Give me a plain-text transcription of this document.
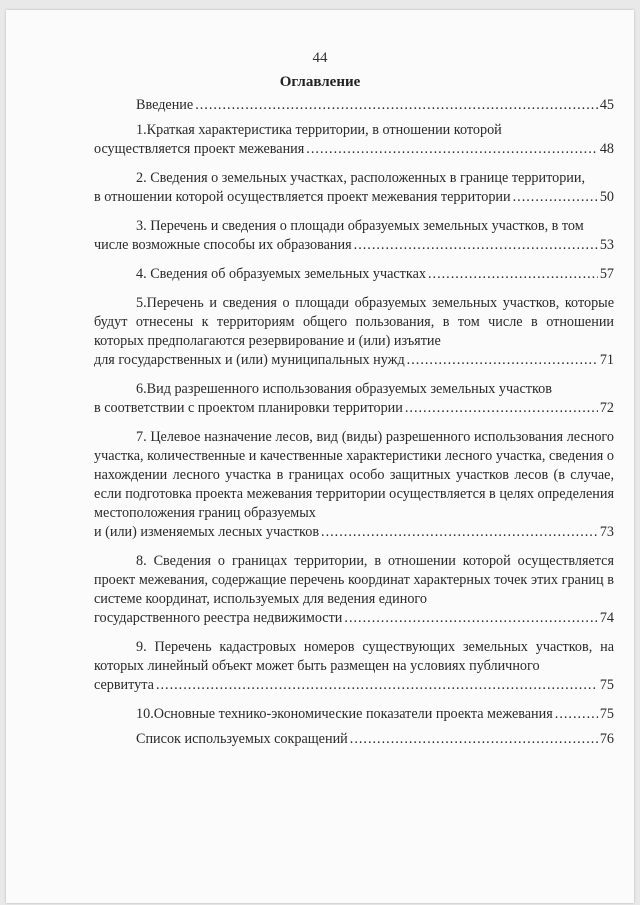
44
Оглавление
Введение .....	45
1.Краткая характеристика территории, в отношении которой
осуществляется проект межевания .....	48
2. Сведения о земельных участках, расположенных в границе территории,
в отношении которой осуществляется проект межевания территории .....	50
3. Перечень и сведения о площади образуемых земельных участков, в том
числе возможные способы их образования .....	53
4. Сведения об образуемых земельных участках .....	57
5.Перечень и сведения о площади образуемых земельных участков, которые будут отнесены к территориям общего пользования, в том числе в отношении которых предполагаются резервирование и (или) изъятие
для государственных и (или) муниципальных нужд .....	71
6.Вид разрешенного использования образуемых земельных участков
в соответствии с проектом планировки территории .....	72
7. Целевое назначение лесов, вид (виды) разрешенного использования лесного участка, количественные и качественные характеристики лесного участка, сведения о нахождении лесного участка в границах особо защитных участков лесов (в случае, если подготовка проекта межевания территории осуществляется в целях определения местоположения границ образуемых
и (или) изменяемых лесных участков .....	73
8. Сведения о границах территории, в отношении которой осуществляется проект межевания, содержащие перечень координат характерных точек этих границ в системе координат, используемых для ведения единого
государственного реестра недвижимости .....	74
9. Перечень кадастровых номеров существующих земельных участков, на которых линейный объект может быть размещен на условиях публичного
сервитута .....	75
10.Основные технико-экономические показатели проекта межевания .....	75
Список используемых сокращений .....	76
